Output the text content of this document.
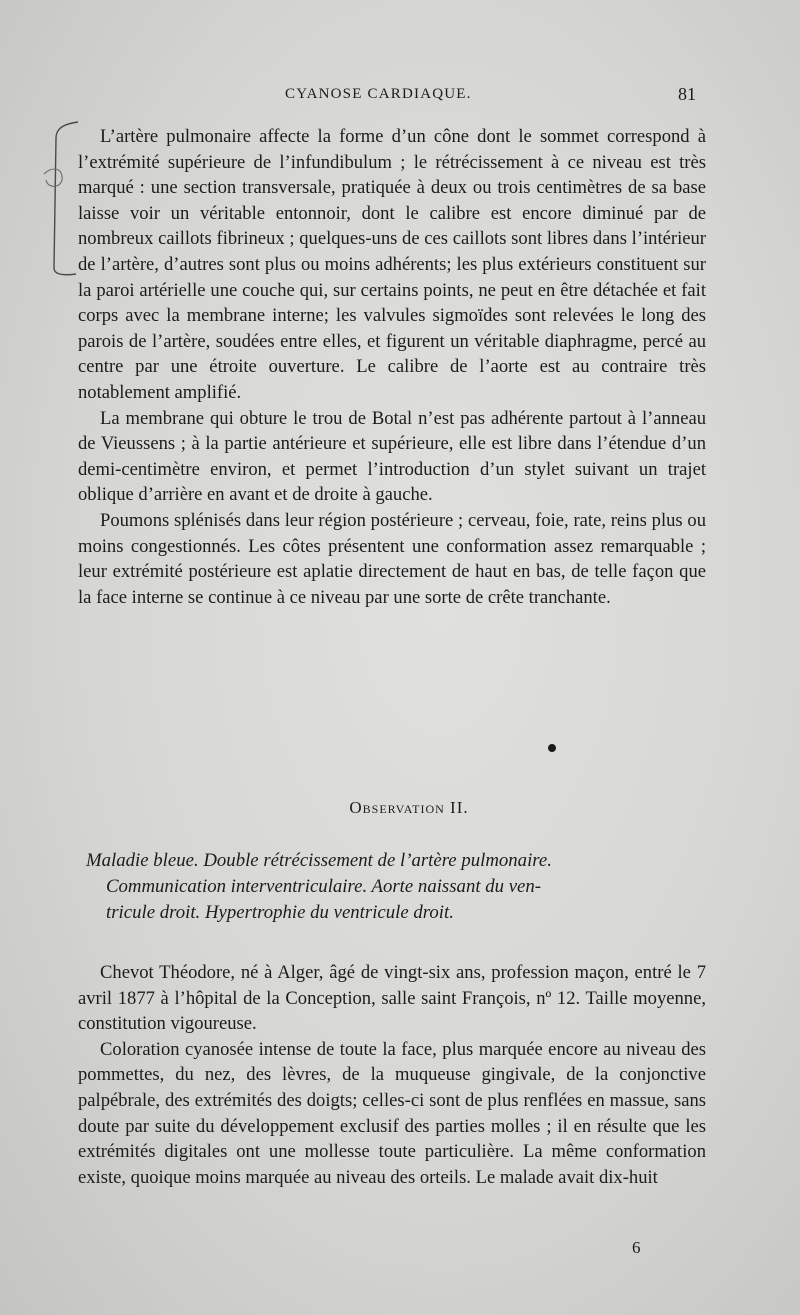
CYANOSE CARDIAQUE.	81

L’artère pulmonaire affecte la forme d’un cône dont le sommet correspond à l’extrémité supérieure de l’infundibulum ; le rétrécissement à ce niveau est très marqué : une section transversale, pratiquée à deux ou trois centimètres de sa base laisse voir un véritable entonnoir, dont le calibre est encore diminué par de nombreux caillots fibrineux ; quelques-uns de ces caillots sont libres dans l’intérieur de l’artère, d’autres sont plus ou moins adhérents; les plus extérieurs constituent sur la paroi artérielle une couche qui, sur certains points, ne peut en être détachée et fait corps avec la membrane interne; les valvules sigmoïdes sont relevées le long des parois de l’artère, soudées entre elles, et figurent un véritable diaphragme, percé au centre par une étroite ouverture. Le calibre de l’aorte est au contraire très notablement amplifié.

La membrane qui obture le trou de Botal n’est pas adhérente partout à l’anneau de Vieussens ; à la partie antérieure et supérieure, elle est libre dans l’étendue d’un demi-centimètre environ, et permet l’introduction d’un stylet suivant un trajet oblique d’arrière en avant et de droite à gauche.

Poumons splénisés dans leur région postérieure ; cerveau, foie, rate, reins plus ou moins congestionnés. Les côtes présentent une conformation assez remarquable ; leur extrémité postérieure est aplatie directement de haut en bas, de telle façon que la face interne se continue à ce niveau par une sorte de crête tranchante.

Observation II.
Maladie bleue. Double rétrécissement de l’artère pulmonaire.
Communication interventriculaire. Aorte naissant du ven-
tricule droit. Hypertrophie du ventricule droit.

Chevot Théodore, né à Alger, âgé de vingt-six ans, profession maçon, entré le 7 avril 1877 à l’hôpital de la Conception, salle saint François, nº 12. Taille moyenne, constitution vigoureuse.

Coloration cyanosée intense de toute la face, plus marquée encore au niveau des pommettes, du nez, des lèvres, de la muqueuse gingivale, de la conjonctive palpébrale, des extrémités des doigts; celles-ci sont de plus renflées en massue, sans doute par suite du développement exclusif des parties molles ; il en résulte que les extrémités digitales ont une mollesse toute particulière. La même conformation existe, quoique moins marquée au niveau des orteils. Le malade avait dix-huit

6
